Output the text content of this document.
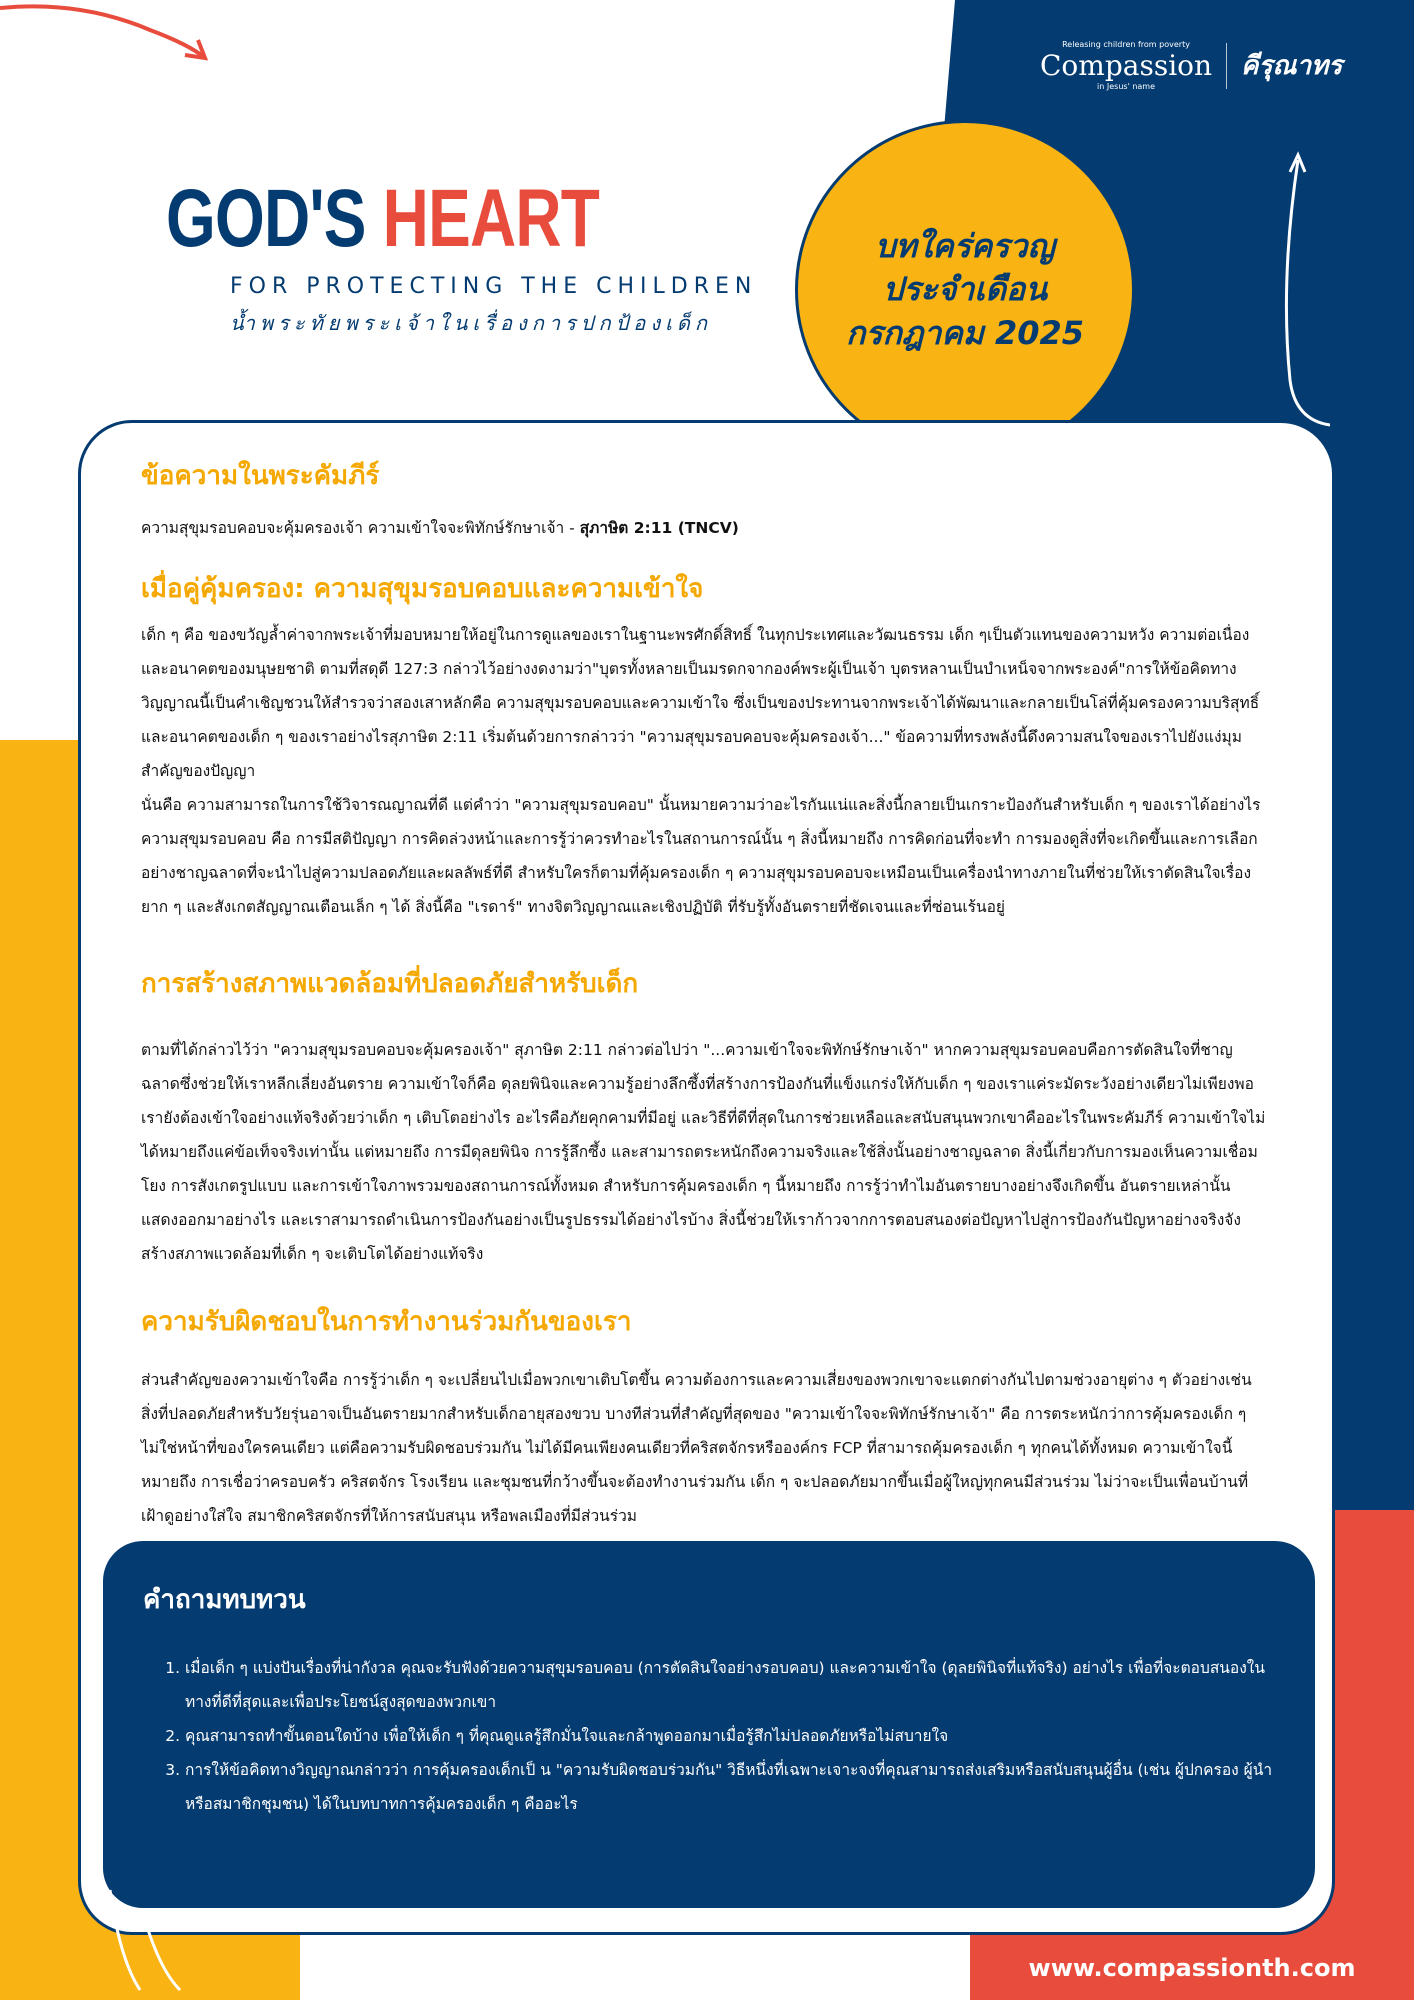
GOD'S HEART
FOR PROTECTING THE CHILDREN
น้ำพระทัยพระเจ้าในเรื่องการปกป้องเด็ก
Releasing children from poverty
Compassion
in Jesus' name
คีรุณาทร
บทใคร่ครวญ
ประจำเดือน
กรกฎาคม 2025
ข้อความในพระคัมภีร์
ความสุขุมรอบคอบจะคุ้มครองเจ้า ความเข้าใจจะพิทักษ์รักษาเจ้า - สุภาษิต 2:11 (TNCV)
เมื่อคู่คุ้มครอง: ความสุขุมรอบคอบและความเข้าใจ

เด็ก ๆ คือ ของขวัญล้ำค่าจากพระเจ้าที่มอบหมายให้อยู่ในการดูแลของเราในฐานะพรศักดิ์สิทธิ์ ในทุกประเทศและวัฒนธรรม เด็ก ๆเป็นตัวแทนของความหวัง ความต่อเนื่อง และอนาคตของมนุษยชาติ ตามที่สดุดี 127:3 กล่าวไว้อย่างงดงามว่า"บุตรทั้งหลายเป็นมรดกจากองค์พระผู้เป็นเจ้า บุตรหลานเป็นบำเหน็จจากพระองค์"การให้ข้อคิดทางวิญญาณนี้เป็นคำเชิญชวนให้สำรวจว่าสองเสาหลักคือ ความสุขุมรอบคอบและความเข้าใจ ซึ่งเป็นของประทานจากพระเจ้าได้พัฒนาและกลายเป็นโล่ที่คุ้มครองความบริสุทธิ์และอนาคตของเด็ก ๆ ของเราอย่างไรสุภาษิต 2:11 เริ่มต้นด้วยการกล่าวว่า "ความสุขุมรอบคอบจะคุ้มครองเจ้า..." ข้อความที่ทรงพลังนี้ดึงความสนใจของเราไปยังแง่มุมสำคัญของปัญญา

นั่นคือ ความสามารถในการใช้วิจารณญาณที่ดี แต่คำว่า "ความสุขุมรอบคอบ" นั้นหมายความว่าอะไรกันแน่และสิ่งนี้กลายเป็นเกราะป้องกันสำหรับเด็ก ๆ ของเราได้อย่างไร ความสุขุมรอบคอบ คือ การมีสติปัญญา การคิดล่วงหน้าและการรู้ว่าควรทำอะไรในสถานการณ์นั้น ๆ สิ่งนี้หมายถึง การคิดก่อนที่จะทำ การมองดูสิ่งที่จะเกิดขึ้นและการเลือกอย่างชาญฉลาดที่จะนำไปสู่ความปลอดภัยและผลลัพธ์ที่ดี สำหรับใครก็ตามที่คุ้มครองเด็ก ๆ ความสุขุมรอบคอบจะเหมือนเป็นเครื่องนำทางภายในที่ช่วยให้เราตัดสินใจเรื่องยาก ๆ และสังเกตสัญญาณเตือนเล็ก ๆ ได้ สิ่งนี้คือ "เรดาร์" ทางจิตวิญญาณและเชิงปฏิบัติ ที่รับรู้ทั้งอันตรายที่ชัดเจนและที่ซ่อนเร้นอยู่

การสร้างสภาพแวดล้อมที่ปลอดภัยสำหรับเด็ก

ตามที่ได้กล่าวไว้ว่า "ความสุขุมรอบคอบจะคุ้มครองเจ้า" สุภาษิต 2:11 กล่าวต่อไปว่า "...ความเข้าใจจะพิทักษ์รักษาเจ้า" หากความสุขุมรอบคอบคือการตัดสินใจที่ชาญฉลาดซึ่งช่วยให้เราหลีกเลี่ยงอันตราย ความเข้าใจก็คือ ดุลยพินิจและความรู้อย่างลึกซึ้งที่สร้างการป้องกันที่แข็งแกร่งให้กับเด็ก ๆ ของเราแค่ระมัดระวังอย่างเดียวไม่เพียงพอ เรายังต้องเข้าใจอย่างแท้จริงด้วยว่าเด็ก ๆ เติบโตอย่างไร อะไรคือภัยคุกคามที่มีอยู่ และวิธีที่ดีที่สุดในการช่วยเหลือและสนับสนุนพวกเขาคืออะไรในพระคัมภีร์ ความเข้าใจไม่ได้หมายถึงแค่ข้อเท็จจริงเท่านั้น แต่หมายถึง การมีดุลยพินิจ การรู้ลึกซึ้ง และสามารถตระหนักถึงความจริงและใช้สิ่งนั้นอย่างชาญฉลาด สิ่งนี้เกี่ยวกับการมองเห็นความเชื่อมโยง การสังเกตรูปแบบ และการเข้าใจภาพรวมของสถานการณ์ทั้งหมด สำหรับการคุ้มครองเด็ก ๆ นี้หมายถึง การรู้ว่าทำไมอันตรายบางอย่างจึงเกิดขึ้น อันตรายเหล่านั้นแสดงออกมาอย่างไร และเราสามารถดำเนินการป้องกันอย่างเป็นรูปธรรมได้อย่างไรบ้าง สิ่งนี้ช่วยให้เราก้าวจากการตอบสนองต่อปัญหาไปสู่การป้องกันปัญหาอย่างจริงจัง สร้างสภาพแวดล้อมที่เด็ก ๆ จะเติบโตได้อย่างแท้จริง

ความรับผิดชอบในการทำงานร่วมกันของเรา

ส่วนสำคัญของความเข้าใจคือ การรู้ว่าเด็ก ๆ จะเปลี่ยนไปเมื่อพวกเขาเติบโตขึ้น ความต้องการและความเสี่ยงของพวกเขาจะแตกต่างกันไปตามช่วงอายุต่าง ๆ ตัวอย่างเช่น สิ่งที่ปลอดภัยสำหรับวัยรุ่นอาจเป็นอันตรายมากสำหรับเด็กอายุสองขวบ บางทีส่วนที่สำคัญที่สุดของ "ความเข้าใจจะพิทักษ์รักษาเจ้า" คือ การตระหนักว่าการคุ้มครองเด็ก ๆ ไม่ใช่หน้าที่ของใครคนเดียว แต่คือความรับผิดชอบร่วมกัน ไม่ได้มีคนเพียงคนเดียวที่คริสตจักรหรือองค์กร FCP ที่สามารถคุ้มครองเด็ก ๆ ทุกคนได้ทั้งหมด ความเข้าใจนี้หมายถึง การเชื่อว่าครอบครัว คริสตจักร โรงเรียน และชุมชนที่กว้างขึ้นจะต้องทำงานร่วมกัน เด็ก ๆ จะปลอดภัยมากขึ้นเมื่อผู้ใหญ่ทุกคนมีส่วนร่วม ไม่ว่าจะเป็นเพื่อนบ้านที่เฝ้าดูอย่างใส่ใจ สมาชิกคริสตจักรที่ให้การสนับสนุน หรือพลเมืองที่มีส่วนร่วม

คำถามทบทวน
1. เมื่อเด็ก ๆ แบ่งปันเรื่องที่น่ากังวล คุณจะรับฟังด้วยความสุขุมรอบคอบ (การตัดสินใจอย่างรอบคอบ) และความเข้าใจ (ดุลยพินิจที่แท้จริง) อย่างไร เพื่อที่จะตอบสนองในทางที่ดีที่สุดและเพื่อประโยชน์สูงสุดของพวกเขา
2. คุณสามารถทำขั้นตอนใดบ้าง เพื่อให้เด็ก ๆ ที่คุณดูแลรู้สึกมั่นใจและกล้าพูดออกมาเมื่อรู้สึกไม่ปลอดภัยหรือไม่สบายใจ
3. การให้ข้อคิดทางวิญญาณกล่าวว่า การคุ้มครองเด็กเป็ น "ความรับผิดชอบร่วมกัน" วิธีหนึ่งที่เฉพาะเจาะจงที่คุณสามารถส่งเสริมหรือสนับสนุนผู้อื่น (เช่น ผู้ปกครอง ผู้นำ หรือสมาชิกชุมชน) ได้ในบทบาทการคุ้มครองเด็ก ๆ คืออะไร
www.compassionth.com
